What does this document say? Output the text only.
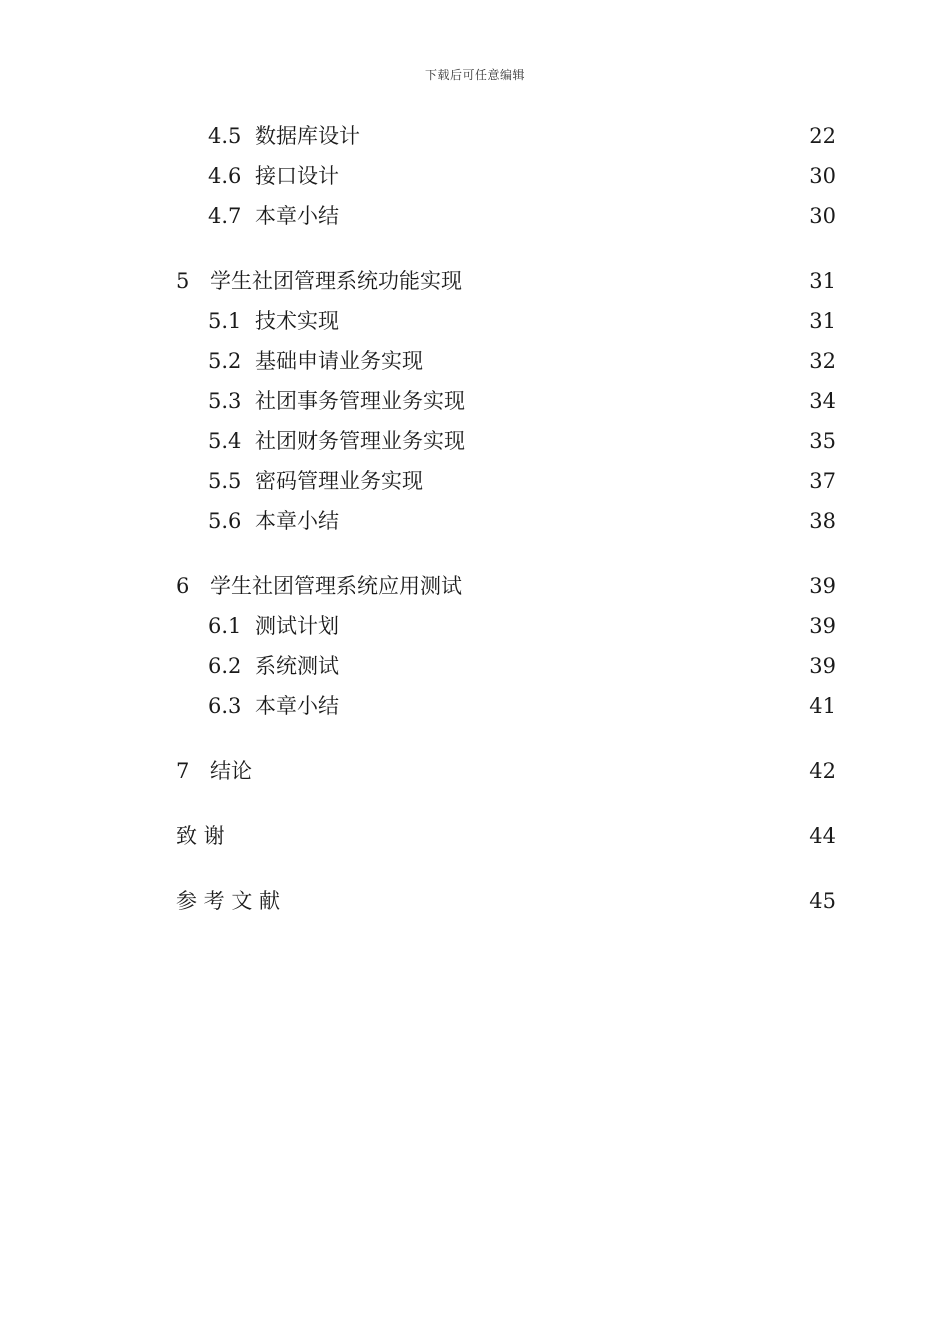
下载后可任意编辑
4.5 数据库设计	22
4.6 接口设计	30
4.7 本章小结	30
5 学生社团管理系统功能实现	31
5.1 技术实现	31
5.2 基础申请业务实现	32
5.3 社团事务管理业务实现	34
5.4 社团财务管理业务实现	35
5.5 密码管理业务实现	37
5.6 本章小结	38
6 学生社团管理系统应用测试	39
6.1 测试计划	39
6.2 系统测试	39
6.3 本章小结	41
7 结论	42
致 谢	44
参 考 文 献	45
